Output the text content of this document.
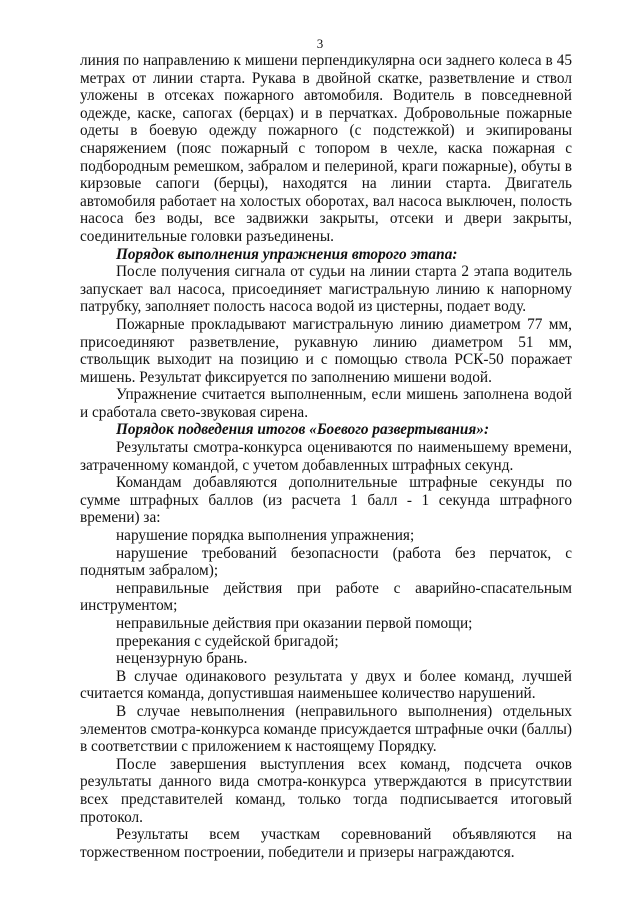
3

линия по направлению к мишени перпендикулярна оси заднего колеса в 45 метрах от линии старта. Рукава в двойной скатке, разветвление и ствол уложены в отсеках пожарного автомобиля. Водитель в повседневной одежде, каске, сапогах (берцах) и в перчатках. Добровольные пожарные одеты в боевую одежду пожарного (с подстежкой) и экипированы снаряжением (пояс пожарный с топором в чехле, каска пожарная с подбородным ремешком, забралом и пелериной, краги пожарные), обуты в кирзовые сапоги (берцы), находятся на линии старта. Двигатель автомобиля работает на холостых оборотах, вал насоса выключен, полость насоса без воды, все задвижки закрыты, отсеки и двери закрыты, соединительные головки разъединены.

Порядок выполнения упражнения второго этапа:

После получения сигнала от судьи на линии старта 2 этапа водитель запускает вал насоса, присоединяет магистральную линию к напорному патрубку, заполняет полость насоса водой из цистерны, подает воду.

Пожарные прокладывают магистральную линию диаметром 77 мм, присоединяют разветвление, рукавную линию диаметром 51 мм, ствольщик выходит на позицию и с помощью ствола РСК-50 поражает мишень. Результат фиксируется по заполнению мишени водой.

Упражнение считается выполненным, если мишень заполнена водой и сработала свето-звуковая сирена.

Порядок подведения итогов «Боевого развертывания»:

Результаты смотра-конкурса оцениваются по наименьшему времени, затраченному командой, с учетом добавленных штрафных секунд.

Командам добавляются дополнительные штрафные секунды по сумме штрафных баллов (из расчета 1 балл - 1 секунда штрафного времени) за:

нарушение порядка выполнения упражнения;

нарушение требований безопасности (работа без перчаток, с поднятым забралом);

неправильные действия при работе с аварийно-спасательным инструментом;

неправильные действия при оказании первой помощи;

пререкания с судейской бригадой;

нецензурную брань.

В случае одинакового результата у двух и более команд, лучшей считается команда, допустившая наименьшее количество нарушений.

В случае невыполнения (неправильного выполнения) отдельных элементов смотра-конкурса команде присуждается штрафные очки (баллы) в соответствии с приложением к настоящему Порядку.

После завершения выступления всех команд, подсчета очков результаты данного вида смотра-конкурса утверждаются в присутствии всех представителей команд, только тогда подписывается итоговый протокол.

Результаты всем участкам соревнований объявляются на торжественном построении, победители и призеры награждаются.
